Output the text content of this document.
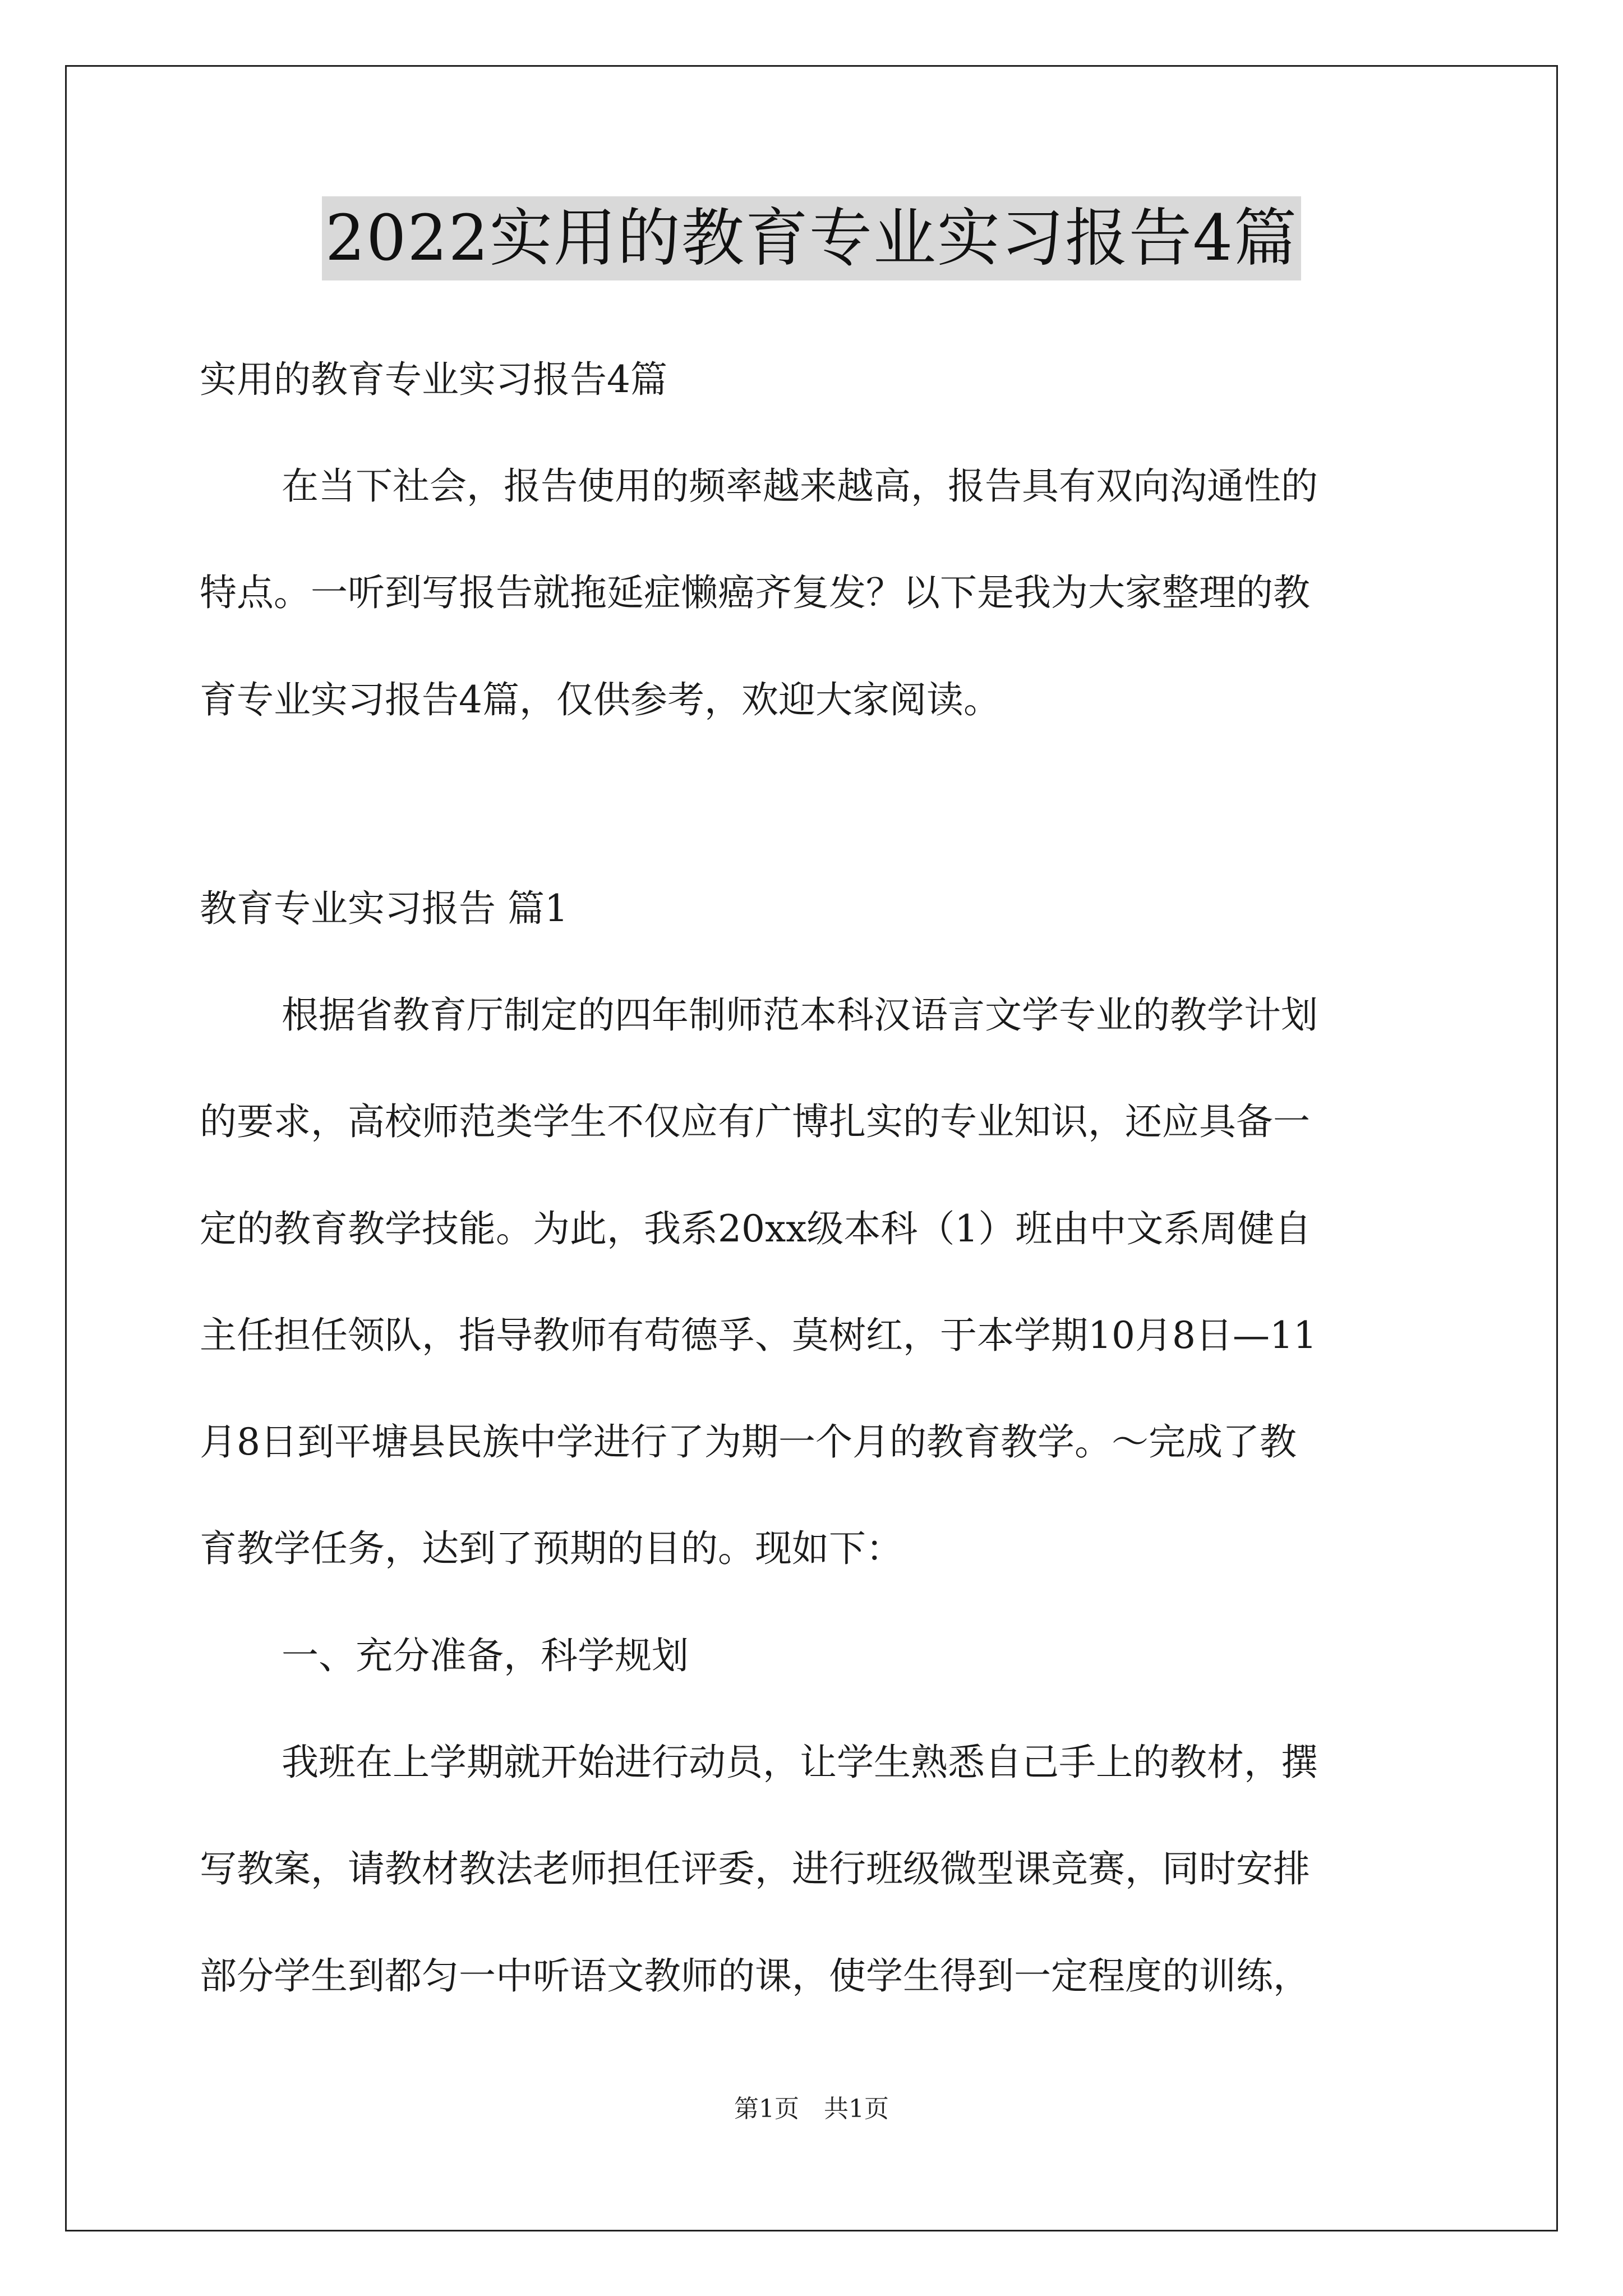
2022实用的教育专业实习报告4篇
实用的教育专业实习报告4篇
在当下社会，报告使用的频率越来越高，报告具有双向沟通性的
特点。一听到写报告就拖延症懒癌齐复发？以下是我为大家整理的教
育专业实习报告4篇，仅供参考，欢迎大家阅读。
教育专业实习报告 篇1
根据省教育厅制定的四年制师范本科汉语言文学专业的教学计划
的要求，高校师范类学生不仅应有广博扎实的专业知识，还应具备一
定的教育教学技能。为此，我系20xx级本科（1）班由中文系周健自
主任担任领队，指导教师有苟德孚、莫树红，于本学期10月8日—11
月8日到平塘县民族中学进行了为期一个月的教育教学。～完成了教
育教学任务，达到了预期的目的。现如下：
一、充分准备，科学规划
我班在上学期就开始进行动员，让学生熟悉自己手上的教材，撰
写教案，请教材教法老师担任评委，进行班级微型课竞赛，同时安排
部分学生到都匀一中听语文教师的课，使学生得到一定程度的训练，
第1页　共1页
